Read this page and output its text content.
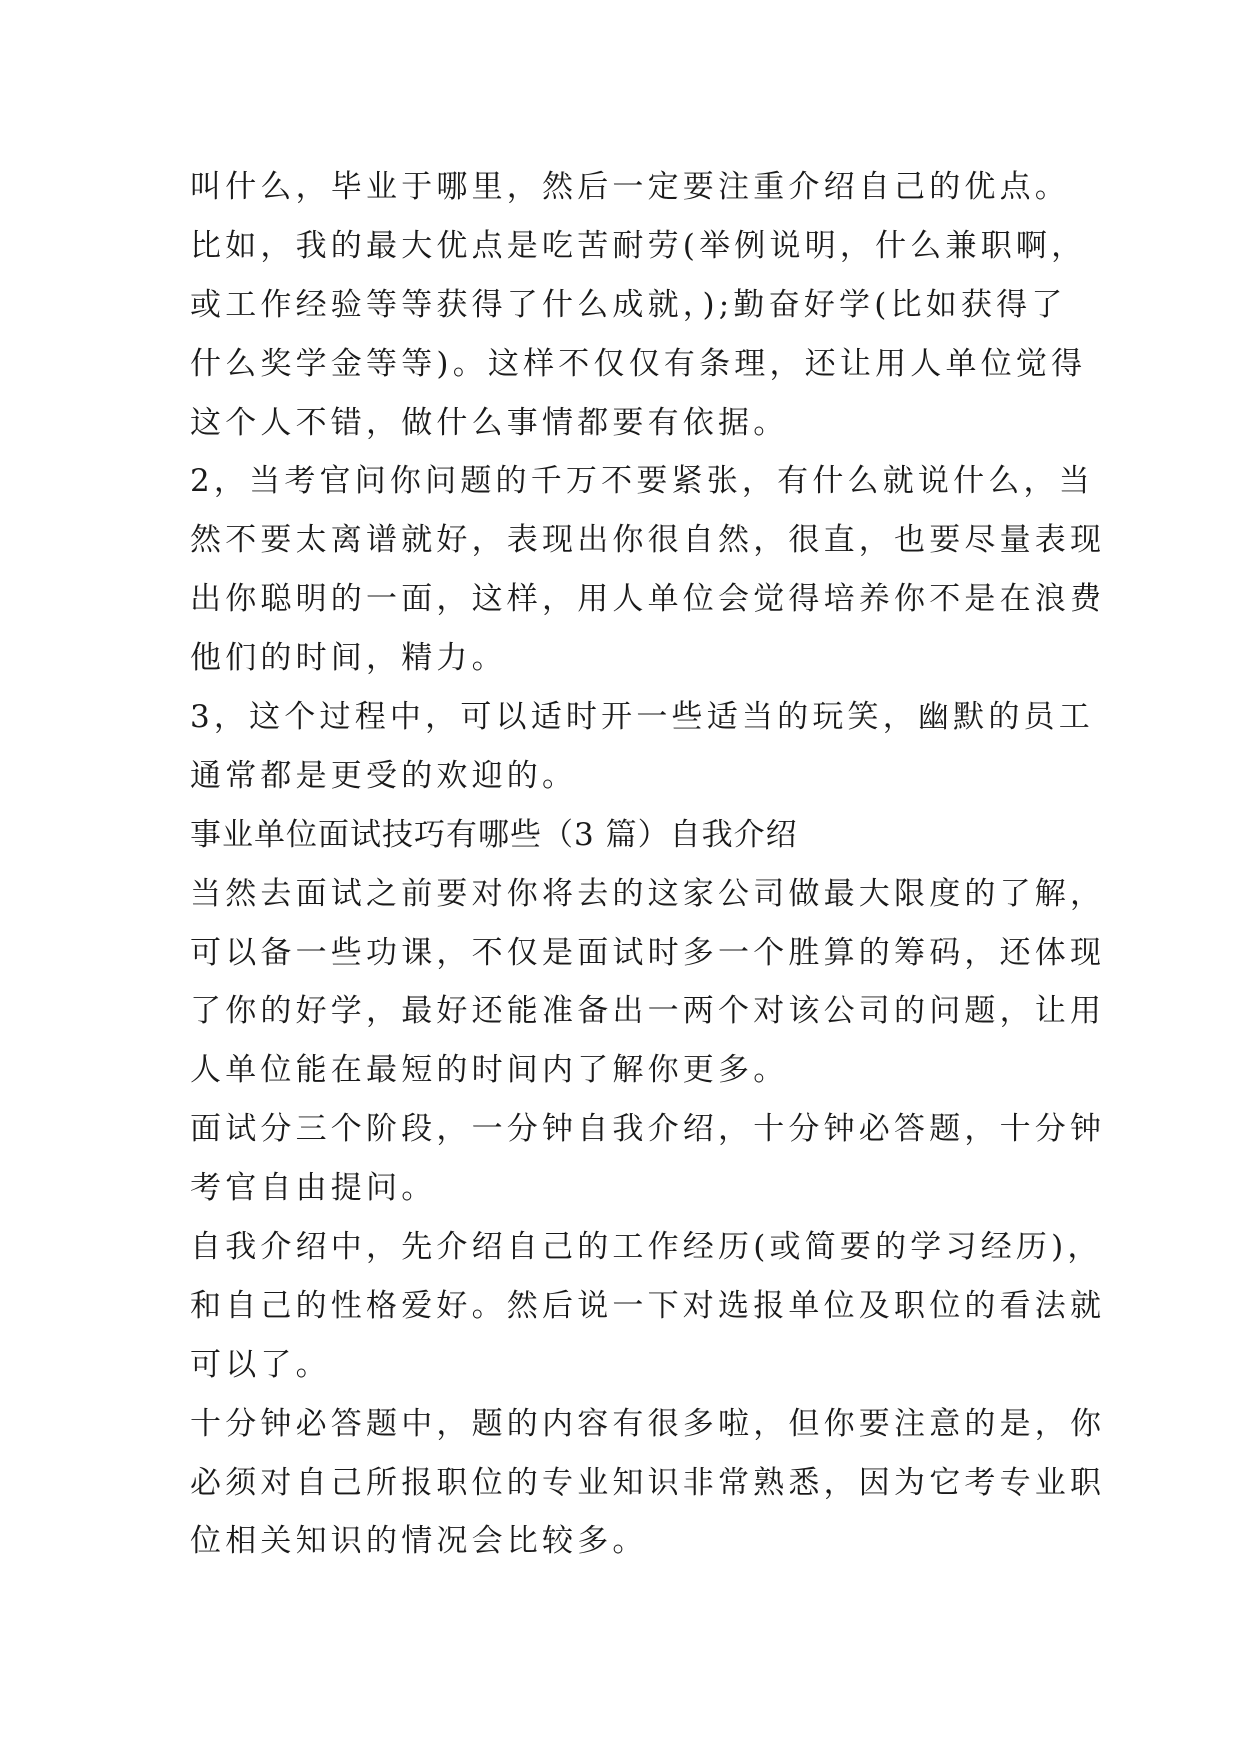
叫什么，毕业于哪里，然后一定要注重介绍自己的优点。
比如，我的最大优点是吃苦耐劳(举例说明，什么兼职啊，
或工作经验等等获得了什么成就，);勤奋好学(比如获得了
什么奖学金等等)。这样不仅仅有条理，还让用人单位觉得
这个人不错，做什么事情都要有依据。
2，当考官问你问题的千万不要紧张，有什么就说什么，当
然不要太离谱就好，表现出你很自然，很直，也要尽量表现
出你聪明的一面，这样，用人单位会觉得培养你不是在浪费
他们的时间，精力。
3，这个过程中，可以适时开一些适当的玩笑，幽默的员工
通常都是更受的欢迎的。
事业单位面试技巧有哪些（3 篇）自我介绍
当然去面试之前要对你将去的这家公司做最大限度的了解，
可以备一些功课，不仅是面试时多一个胜算的筹码，还体现
了你的好学，最好还能准备出一两个对该公司的问题，让用
人单位能在最短的时间内了解你更多。
面试分三个阶段，一分钟自我介绍，十分钟必答题，十分钟
考官自由提问。
自我介绍中，先介绍自己的工作经历(或简要的学习经历)，
和自己的性格爱好。然后说一下对选报单位及职位的看法就
可以了。
十分钟必答题中，题的内容有很多啦，但你要注意的是，你
必须对自己所报职位的专业知识非常熟悉，因为它考专业职
位相关知识的情况会比较多。
